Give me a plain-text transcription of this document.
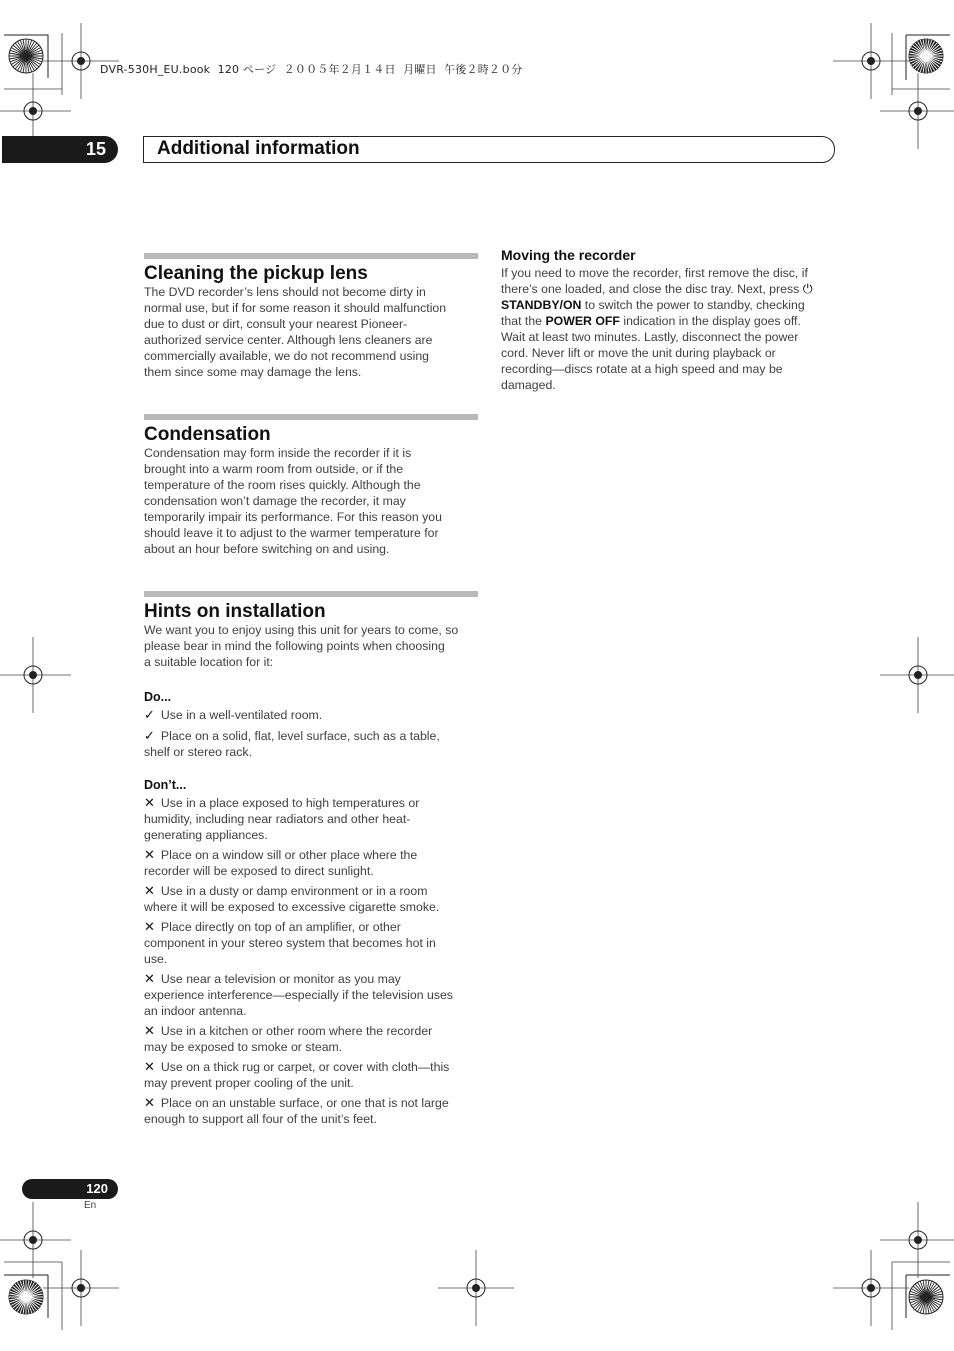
DVR-530H_EU.book  120 ページ  ２００５年２月１４日  月曜日  午後２時２０分
15	Additional information
Cleaning the pickup lens

The DVD recorder’s lens should not become dirty in

normal use, but if for some reason it should malfunction

due to dust or dirt, consult your nearest Pioneer-

authorized service center. Although lens cleaners are

commercially available, we do not recommend using

them since some may damage the lens.

Condensation

Condensation may form inside the recorder if it is

brought into a warm room from outside, or if the

temperature of the room rises quickly. Although the

condensation won’t damage the recorder, it may

temporarily impair its performance. For this reason you

should leave it to adjust to the warmer temperature for

about an hour before switching on and using.

Hints on installation

We want you to enjoy using this unit for years to come, so

please bear in mind the following points when choosing

a suitable location for it:

Do...

✓ Use in a well-ventilated room.

✓ Place on a solid, flat, level surface, such as a table,

shelf or stereo rack.

Don’t...

✕ Use in a place exposed to high temperatures or

humidity, including near radiators and other heat-

generating appliances.

✕ Place on a window sill or other place where the

recorder will be exposed to direct sunlight.

✕ Use in a dusty or damp environment or in a room

where it will be exposed to excessive cigarette smoke.

✕ Place directly on top of an amplifier, or other

component in your stereo system that becomes hot in

use.

✕ Use near a television or monitor as you may

experience interference—especially if the television uses

an indoor antenna.

✕ Use in a kitchen or other room where the recorder

may be exposed to smoke or steam.

✕ Use on a thick rug or carpet, or cover with cloth—this

may prevent proper cooling of the unit.

✕ Place on an unstable surface, or one that is not large

enough to support all four of the unit’s feet.

Moving the recorder

If you need to move the recorder, first remove the disc, if

there’s one loaded, and close the disc tray. Next, press ⏻

STANDBY/ON to switch the power to standby, checking

that the POWER OFF indication in the display goes off.

Wait at least two minutes. Lastly, disconnect the power

cord. Never lift or move the unit during playback or

recording—discs rotate at a high speed and may be

damaged.

120
En
